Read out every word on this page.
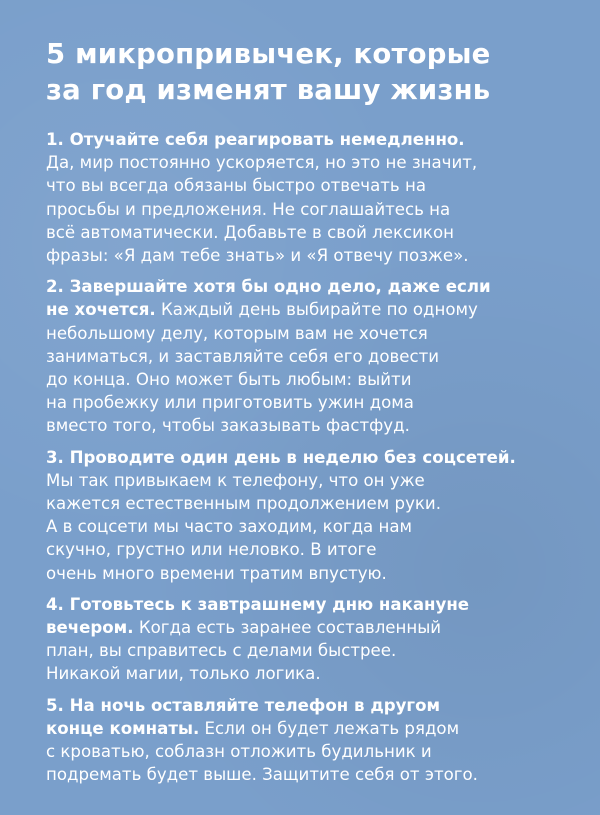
5 микропривычек, которые
за год изменят вашу жизнь

1. Отучайте себя реагировать немедленно.
Да, мир постоянно ускоряется, но это не значит,
что вы всегда обязаны быстро отвечать на
просьбы и предложения. Не соглашайтесь на
всё автоматически. Добавьте в свой лексикон
фразы: «Я дам тебе знать» и «Я отвечу позже».

2. Завершайте хотя бы одно дело, даже если
не хочется. Каждый день выбирайте по одному
небольшому делу, которым вам не хочется
заниматься, и заставляйте себя его довести
до конца. Оно может быть любым: выйти
на пробежку или приготовить ужин дома
вместо того, чтобы заказывать фастфуд.

3. Проводите один день в неделю без соцсетей.
Мы так привыкаем к телефону, что он уже
кажется естественным продолжением руки.
А в соцсети мы часто заходим, когда нам
скучно, грустно или неловко. В итоге
очень много времени тратим впустую.

4. Готовьтесь к завтрашнему дню накануне
вечером. Когда есть заранее составленный
план, вы справитесь с делами быстрее.
Никакой магии, только логика.

5. На ночь оставляйте телефон в другом
конце комнаты. Если он будет лежать рядом
с кроватью, соблазн отложить будильник и
подремать будет выше. Защитите себя от этого.
